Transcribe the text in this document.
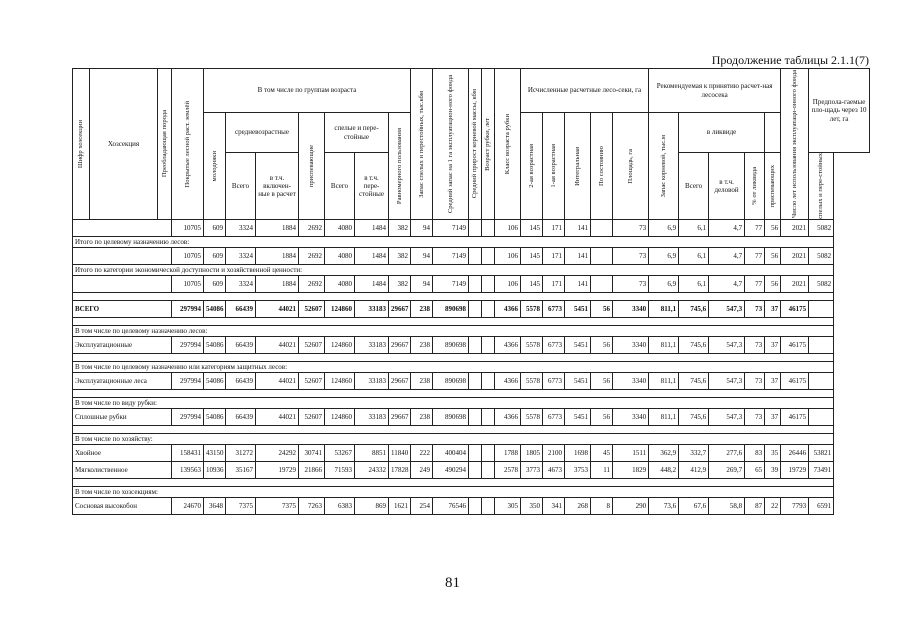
Продолжение таблицы 2.1.1(7)
Шифр хозсекции	Хозсекция	Преобладающая порода	Покрытые лесной раст. землёй	В том числе по группам возраста							Запас спелых и перестойных, тыс.кбм	Средний запас на 1 га эксплуатацион-ного фонда	Средний прирост корневой массы, кбм	Возраст рубки, лет	Класс возраста рубки	Исчисленные расчетные лесо-секи, га					Рекомендуемая к принятию расчет-ная лесосека					Число лет использования эксплуатаци-онного фонда	Предпола-гаемые пло-щадь через 10 лет, га

				молодняки	средневозрастные		приспевающие	спелые и пере-стойные		Равномерного пользования						2-ая возрастная	1-ая возрастная	Интегральная	По состоянию	Площадь, га	Запас корневой, тыс.м	в ликвиде					
					Всего	в т.ч. включен-ные в расчет		Всего	в т.ч. пере-стойные													Всего	в т.ч. деловой	% от ликвида	приспевающих		спелых и пере-стойных

			10705	609	3324	1884	2692	4080	1484	382	94	7149			106	145	171	141		73	6,9	6,1	4,7	77	56	2021	5082
Итого по целевому назначению лесов:																											
			10705	609	3324	1884	2692	4080	1484	382	94	7149			106	145	171	141		73	6,9	6,1	4,7	77	56	2021	5082
Итого по категории экономической доступности и хозяйственной ценности:																											
			10705	609	3324	1884	2692	4080	1484	382	94	7149			106	145	171	141		73	6,9	6,1	4,7	77	56	2021	5082

ВСЕГО			297994	54086	66439	44021	52607	124860	33183	29667	238	890698			4366	5578	6773	5451	56	3340	811,1	745,6	547,3	73	37	46175	

В том числе по целевому назначению лесов:																											
Эксплуатационные			297994	54086	66439	44021	52607	124860	33183	29667	238	890698			4366	5578	6773	5451	56	3340	811,1	745,6	547,3	73	37	46175	

В том числе по целевому назначению или категориям защитных лесов:																											
Эксплуатационные леса			297994	54086	66439	44021	52607	124860	33183	29667	238	890698			4366	5578	6773	5451	56	3340	811,1	745,6	547,3	73	37	46175	

В том числе по виду рубки:																											
Сплошные рубки			297994	54086	66439	44021	52607	124860	33183	29667	238	890698			4366	5578	6773	5451	56	3340	811,1	745,6	547,3	73	37	46175	

В том числе по хозяйству:																											
Хвойное			158431	43150	31272	24292	30741	53267	8851	11840	222	400404			1788	1805	2100	1698	45	1511	362,9	332,7	277,6	83	35	26446	53821
Мягколиственное			139563	10936	35167	19729	21866	71593	24332	17828	249	490294			2578	3773	4673	3753	11	1829	448,2	412,9	269,7	65	39	19729	73491

В том числе по хозсекциям:																											
Сосновая высокобон			24670	3648	7375	7375	7263	6383	869	1621	254	76546			305	350	341	268	8	290	73,6	67,6	58,8	87	22	7793	6591
81
